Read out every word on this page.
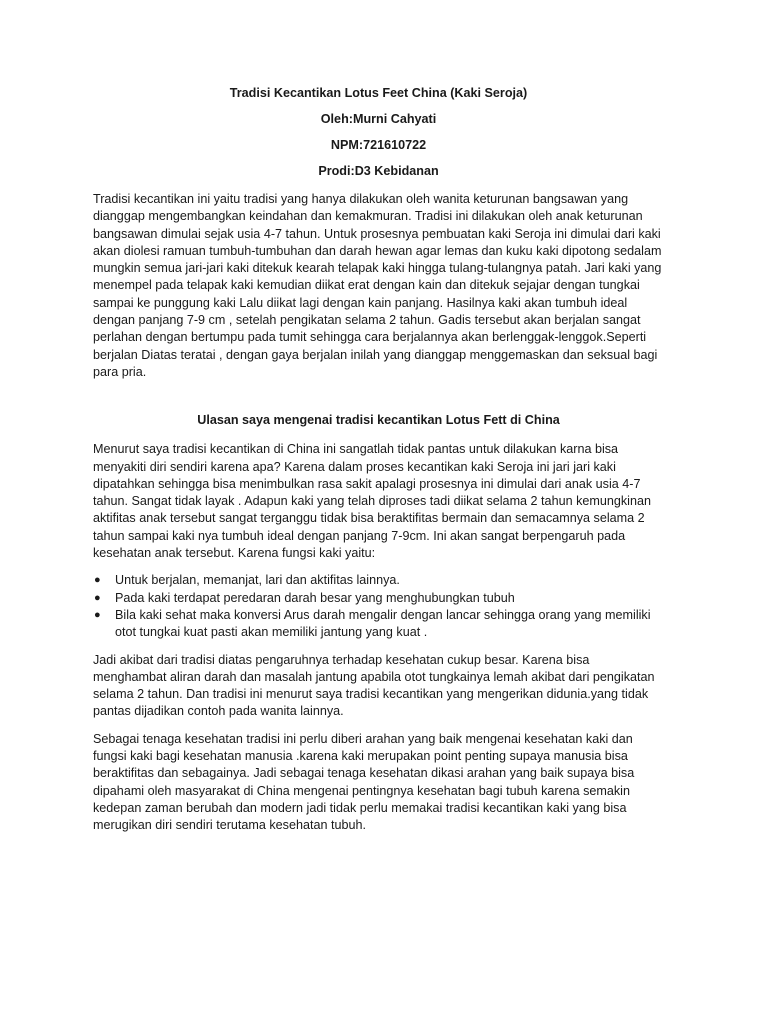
Tradisi Kecantikan Lotus Feet China (Kaki Seroja)
Oleh:Murni Cahyati
NPM:721610722
Prodi:D3 Kebidanan

Tradisi kecantikan ini yaitu tradisi yang hanya dilakukan oleh wanita keturunan bangsawan yang dianggap mengembangkan keindahan dan kemakmuran. Tradisi ini dilakukan oleh anak keturunan bangsawan dimulai sejak usia 4-7 tahun. Untuk prosesnya pembuatan kaki Seroja ini dimulai dari kaki akan diolesi ramuan tumbuh-tumbuhan dan darah hewan agar lemas dan kuku kaki dipotong sedalam mungkin semua jari-jari kaki ditekuk kearah telapak kaki hingga tulang-tulangnya patah. Jari kaki yang menempel pada telapak kaki kemudian diikat erat dengan kain dan ditekuk sejajar dengan tungkai sampai ke punggung kaki Lalu diikat lagi dengan kain panjang. Hasilnya kaki akan tumbuh ideal dengan panjang 7-9 cm , setelah pengikatan selama 2 tahun. Gadis tersebut akan berjalan sangat perlahan dengan bertumpu pada tumit sehingga cara berjalannya akan berlenggak-lenggok.Seperti berjalan Diatas teratai , dengan gaya berjalan inilah yang dianggap menggemaskan dan seksual bagi para pria.

Ulasan saya mengenai tradisi kecantikan Lotus Fett di China

Menurut saya tradisi kecantikan di China ini sangatlah tidak pantas untuk dilakukan karna bisa menyakiti diri sendiri karena apa? Karena dalam proses kecantikan kaki Seroja ini jari jari kaki dipatahkan sehingga bisa menimbulkan rasa sakit apalagi prosesnya ini dimulai dari anak usia 4-7 tahun. Sangat tidak layak . Adapun kaki yang telah diproses tadi diikat selama 2 tahun kemungkinan aktifitas anak tersebut sangat terganggu tidak bisa beraktifitas bermain dan semacamnya selama 2 tahun sampai kaki nya tumbuh ideal dengan panjang 7-9cm. Ini akan sangat berpengaruh pada kesehatan anak tersebut. Karena fungsi kaki yaitu:

● Untuk berjalan, memanjat, lari dan aktifitas lainnya.
● Pada kaki terdapat peredaran darah besar yang menghubungkan tubuh
● Bila kaki sehat maka konversi Arus darah mengalir dengan lancar sehingga orang yang memiliki otot tungkai kuat pasti akan memiliki jantung yang kuat .

Jadi akibat dari tradisi diatas pengaruhnya terhadap kesehatan cukup besar. Karena bisa menghambat aliran darah dan masalah jantung apabila otot tungkainya lemah akibat dari pengikatan selama 2 tahun. Dan tradisi ini menurut saya tradisi kecantikan yang mengerikan didunia.yang tidak pantas dijadikan contoh pada wanita lainnya.

Sebagai tenaga kesehatan tradisi ini perlu diberi arahan yang baik mengenai kesehatan kaki dan fungsi kaki bagi kesehatan manusia .karena kaki merupakan point penting supaya manusia bisa beraktifitas dan sebagainya. Jadi sebagai tenaga kesehatan dikasi arahan yang baik supaya bisa dipahami oleh masyarakat di China mengenai pentingnya kesehatan bagi tubuh karena semakin kedepan zaman berubah dan modern jadi tidak perlu memakai tradisi kecantikan kaki yang bisa merugikan diri sendiri terutama kesehatan tubuh.
